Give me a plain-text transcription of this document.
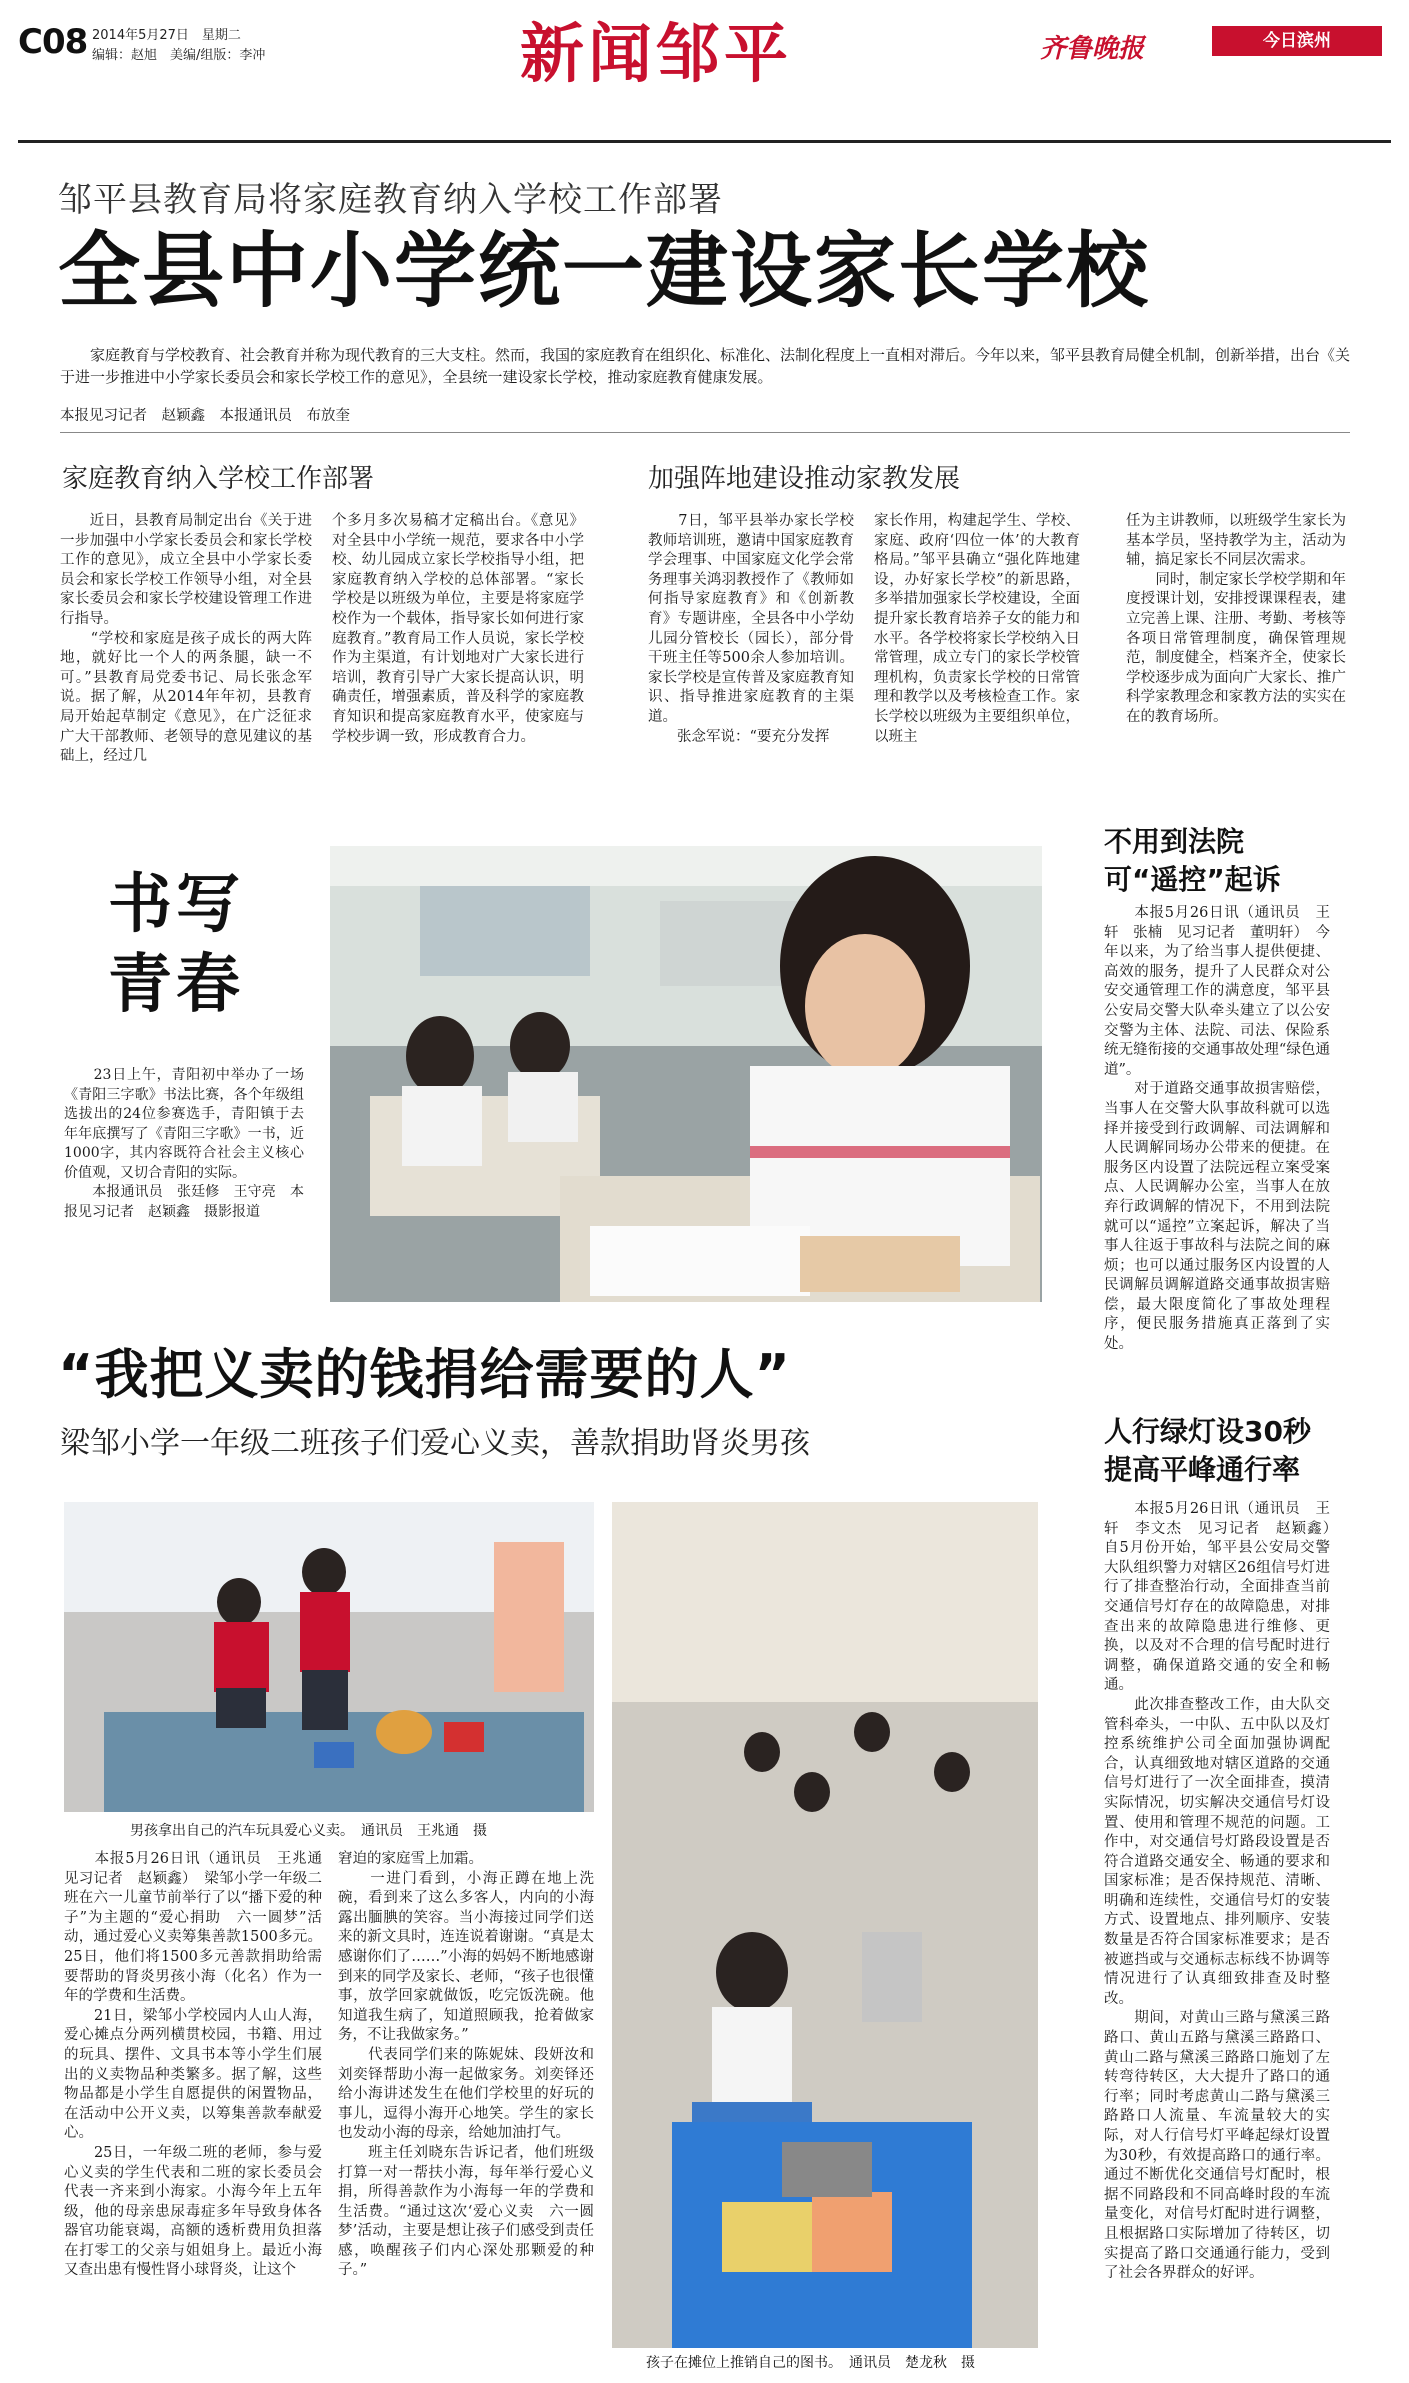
C08 2014年5月27日　星期二
编辑：赵旭　美编/组版：李冲	新闻邹平	齐鲁晚报	今日滨州
邹平县教育局将家庭教育纳入学校工作部署
全县中小学统一建设家长学校
家庭教育与学校教育、社会教育并称为现代教育的三大支柱。然而，我国的家庭教育在组织化、标准化、法制化程度上一直相对滞后。今年以来，邹平县教育局健全机制，创新举措，出台《关于进一步推进中小学家长委员会和家长学校工作的意见》，全县统一建设家长学校，推动家庭教育健康发展。
本报见习记者　赵颖鑫　本报通讯员　布放奎
家庭教育纳入学校工作部署	加强阵地建设推动家教发展
　　近日，县教育局制定出台《关于进一步加强中小学家长委员会和家长学校工作的意见》，成立全县中小学家长委员会和家长学校工作领导小组，对全县家长委员会和家长学校建设管理工作进行指导。
　　“学校和家庭是孩子成长的两大阵地，就好比一个人的两条腿，缺一不可。”县教育局党委书记、局长张念军说。据了解，从2014年年初，县教育局开始起草制定《意见》，在广泛征求广大干部教师、老领导的意见建议的基础上，经过几
个多月多次易稿才定稿出台。《意见》对全县中小学统一规范，要求各中小学校、幼儿园成立家长学校指导小组，把家庭教育纳入学校的总体部署。“家长学校是以班级为单位，主要是将家庭学校作为一个载体，指导家长如何进行家庭教育。”教育局工作人员说，家长学校作为主渠道，有计划地对广大家长进行培训，教育引导广大家长提高认识，明确责任，增强素质，普及科学的家庭教育知识和提高家庭教育水平，使家庭与学校步调一致，形成教育合力。
　　7日，邹平县举办家长学校教师培训班，邀请中国家庭教育学会理事、中国家庭文化学会常务理事关鸿羽教授作了《教师如何指导家庭教育》和《创新教育》专题讲座，全县各中小学幼儿园分管校长（园长），部分骨干班主任等500余人参加培训。家长学校是宣传普及家庭教育知识、指导推进家庭教育的主渠道。
　　张念军说：“要充分发挥
家长作用，构建起学生、学校、家庭、政府‘四位一体’的大教育格局。”邹平县确立“强化阵地建设，办好家长学校”的新思路，多举措加强家长学校建设，全面提升家长教育培养子女的能力和水平。各学校将家长学校纳入日常管理，成立专门的家长学校管理机构，负责家长学校的日常管理和教学以及考核检查工作。家长学校以班级为主要组织单位，以班主
任为主讲教师，以班级学生家长为基本学员，坚持教学为主，活动为辅，搞足家长不同层次需求。
　　同时，制定家长学校学期和年度授课计划，安排授课课程表，建立完善上课、注册、考勤、考核等各项日常管理制度，确保管理规范，制度健全，档案齐全，使家长学校逐步成为面向广大家长、推广科学家教理念和家教方法的实实在在的教育场所。
书写
青春
　　23日上午，青阳初中举办了一场《青阳三字歌》书法比赛，各个年级组选拔出的24位参赛选手，青阳镇于去年年底撰写了《青阳三字歌》一书，近1000字，其内容既符合社会主义核心价值观，又切合青阳的实际。
　　本报通讯员　张廷修　王守亮　本报见习记者　赵颖鑫　摄影报道
不用到法院
可“遥控”起诉
　　本报5月26日讯（通讯员　王轩　张楠　见习记者　董明轩）　今年以来，为了给当事人提供便捷、高效的服务，提升了人民群众对公安交通管理工作的满意度，邹平县公安局交警大队牵头建立了以公安交警为主体、法院、司法、保险系统无缝衔接的交通事故处理“绿色通道”。
　　对于道路交通事故损害赔偿，当事人在交警大队事故科就可以选择并接受到行政调解、司法调解和人民调解同场办公带来的便捷。在服务区内设置了法院远程立案受案点、人民调解办公室，当事人在放弃行政调解的情况下，不用到法院就可以“遥控”立案起诉，解决了当事人往返于事故科与法院之间的麻烦；也可以通过服务区内设置的人民调解员调解道路交通事故损害赔偿，最大限度简化了事故处理程序，便民服务措施真正落到了实处。
人行绿灯设30秒
提高平峰通行率
　　本报5月26日讯（通讯员　王轩　李文杰　见习记者　赵颖鑫）　自5月份开始，邹平县公安局交警大队组织警力对辖区26组信号灯进行了排查整治行动，全面排查当前交通信号灯存在的故障隐患，对排查出来的故障隐患进行维修、更换，以及对不合理的信号配时进行调整，确保道路交通的安全和畅通。
　　此次排查整改工作，由大队交管科牵头，一中队、五中队以及灯控系统维护公司全面加强协调配合，认真细致地对辖区道路的交通信号灯进行了一次全面排查，摸清实际情况，切实解决交通信号灯设置、使用和管理不规范的问题。工作中，对交通信号灯路段设置是否符合道路交通安全、畅通的要求和国家标准；是否保持规范、清晰、明确和连续性，交通信号灯的安装方式、设置地点、排列顺序、安装数量是否符合国家标准要求；是否被遮挡或与交通标志标线不协调等情况进行了认真细致排查及时整改。
　　期间，对黄山三路与黛溪三路路口、黄山五路与黛溪三路路口、黄山二路与黛溪三路路口施划了左转弯待转区，大大提升了路口的通行率；同时考虑黄山二路与黛溪三路路口人流量、车流量较大的实际，对人行信号灯平峰起绿灯设置为30秒，有效提高路口的通行率。通过不断优化交通信号灯配时，根据不同路段和不同高峰时段的车流量变化，对信号灯配时进行调整，且根据路口实际增加了待转区，切实提高了路口交通通行能力，受到了社会各界群众的好评。
“我把义卖的钱捐给需要的人”
梁邹小学一年级二班孩子们爱心义卖，善款捐助肾炎男孩
男孩拿出自己的汽车玩具爱心义卖。　通讯员　王兆通　摄
孩子在摊位上推销自己的图书。　通讯员　楚龙秋　摄
　　本报5月26日讯（通讯员　王兆通　见习记者　赵颖鑫）　梁邹小学一年级二班在六一儿童节前举行了以“播下爱的种子”为主题的“爱心捐助　六一圆梦”活动，通过爱心义卖筹集善款1500多元。25日，他们将1500多元善款捐助给需要帮助的肾炎男孩小海（化名）作为一年的学费和生活费。
　　21日，梁邹小学校园内人山人海，爱心摊点分两列横贯校园，书籍、用过的玩具、摆件、文具书本等小学生们展出的义卖物品种类繁多。据了解，这些物品都是小学生自愿提供的闲置物品，在活动中公开义卖，以筹集善款奉献爱心。
　　25日，一年级二班的老师，参与爱心义卖的学生代表和二班的家长委员会代表一齐来到小海家。小海今年上五年级，他的母亲患尿毒症多年导致身体各器官功能衰竭，高额的透析费用负担落在打零工的父亲与姐姐身上。最近小海又查出患有慢性肾小球肾炎，让这个
窘迫的家庭雪上加霜。
　　一进门看到，小海正蹲在地上洗碗，看到来了这么多客人，内向的小海露出腼腆的笑容。当小海接过同学们送来的新文具时，连连说着谢谢。“真是太感谢你们了……”小海的妈妈不断地感谢到来的同学及家长、老师，“孩子也很懂事，放学回家就做饭，吃完饭洗碗。他知道我生病了，知道照顾我，抢着做家务，不让我做家务。”
　　代表同学们来的陈妮妹、段妍汝和刘奕铎帮助小海一起做家务。刘奕铎还给小海讲述发生在他们学校里的好玩的事儿，逗得小海开心地笑。学生的家长也发动小海的母亲，给她加油打气。
　　班主任刘晓东告诉记者，他们班级打算一对一帮扶小海，每年举行爱心义捐，所得善款作为小海每一年的学费和生活费。“通过这次‘爱心义卖　六一圆梦’活动，主要是想让孩子们感受到责任感，唤醒孩子们内心深处那颗爱的种子。”
